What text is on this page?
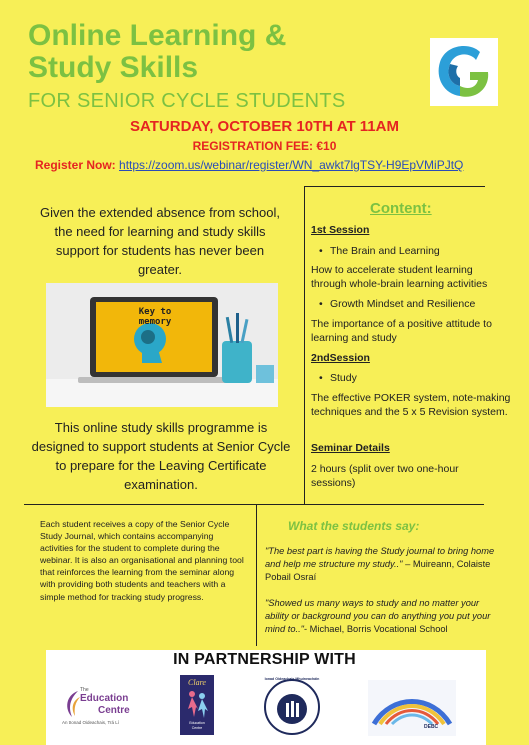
Online Learning &
Study Skills
FOR SENIOR CYCLE STUDENTS
SATURDAY, OCTOBER 10TH AT 11AM
REGISTRATION FEE: €10
Register Now: https://zoom.us/webinar/register/WN_awkt7lgTSY-H9EpVMiPJtQ
Given the extended absence from school, the need for learning and study skills support for students has never been greater.
Key to
memory
This online study skills programme is designed to support students at Senior Cycle to prepare for the Leaving Certificate examination.
Content:
1st Session
The Brain and Learning
How to accelerate student learning through whole-brain learning activities
Growth Mindset and Resilience
The importance of a positive attitude to learning and study
2ndSession
Study
The effective POKER system, note-making techniques and the 5 x 5 Revision system.
Seminar Details
2 hours (split over two one-hour sessions)
Each student receives a copy of the Senior Cycle Study Journal, which contains accompanying activities for the student to complete during the webinar. It is also an organisational and planning tool that reinforces the learning from the seminar along with providing both students and teachers with a simple method for tracking study progress.
What the students say:
"The best part is having the Study journal to bring home and help me structure my study.." – Muireann, Colaiste Pobail Osraí
"Showed us many ways to study and no matter your ability or background you can do anything you put your mind to.."- Michael, Borris Vocational School
IN PARTNERSHIP WITH
The
Education
Centre
An tIonad Oideachais, Trá Lí
Clare
Education
Centre
Ionad Oideachais Mhuineacháin
DEBC
